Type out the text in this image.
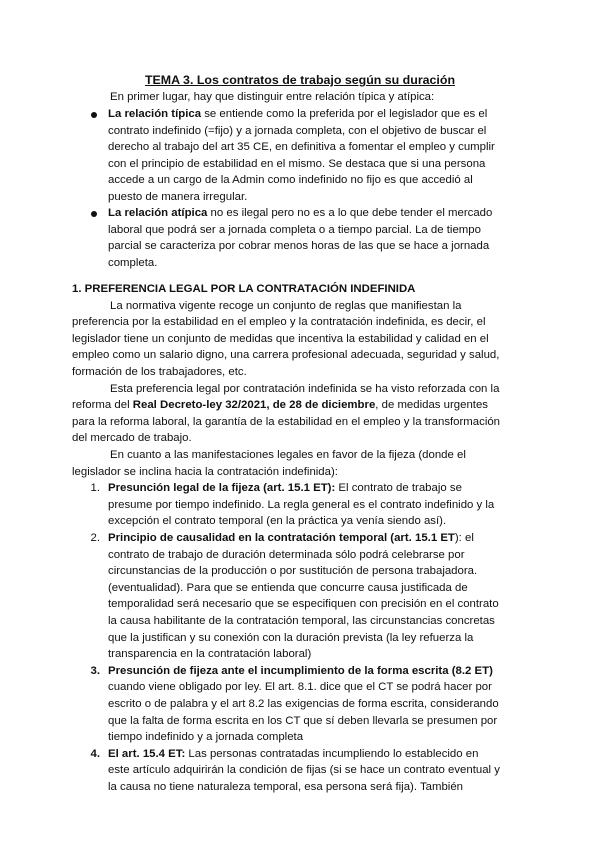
TEMA 3. Los contratos de trabajo según su duración
En primer lugar, hay que distinguir entre relación típica y atípica:
La relación típica se entiende como la preferida por el legislador que es el
contrato indefinido (=fijo) y a jornada completa, con el objetivo de buscar el
derecho al trabajo del art 35 CE, en definitiva a fomentar el empleo y cumplir
con el principio de estabilidad en el mismo. Se destaca que si una persona
accede a un cargo de la Admin como indefinido no fijo es que accedió al
puesto de manera irregular.
La relación atípica no es ilegal pero no es a lo que debe tender el mercado
laboral que podrá ser a jornada completa o a tiempo parcial. La de tiempo
parcial se caracteriza por cobrar menos horas de las que se hace a jornada
completa.
1. PREFERENCIA LEGAL POR LA CONTRATACIÓN INDEFINIDA
La normativa vigente recoge un conjunto de reglas que manifiestan la
preferencia por la estabilidad en el empleo y la contratación indefinida, es decir, el
legislador tiene un conjunto de medidas que incentiva la estabilidad y calidad en el
empleo como un salario digno, una carrera profesional adecuada, seguridad y salud,
formación de los trabajadores, etc.
Esta preferencia legal por contratación indefinida se ha visto reforzada con la
reforma del Real Decreto-ley 32/2021, de 28 de diciembre, de medidas urgentes
para la reforma laboral, la garantía de la estabilidad en el empleo y la transformación
del mercado de trabajo.
En cuanto a las manifestaciones legales en favor de la fijeza (donde el
legislador se inclina hacia la contratación indefinida):
1. Presunción legal de la fijeza (art. 15.1 ET): El contrato de trabajo se
presume por tiempo indefinido. La regla general es el contrato indefinido y la
excepción el contrato temporal (en la práctica ya venía siendo así).
2. Principio de causalidad en la contratación temporal (art. 15.1 ET): el
contrato de trabajo de duración determinada sólo podrá celebrarse por
circunstancias de la producción o por sustitución de persona trabajadora.
(eventualidad). Para que se entienda que concurre causa justificada de
temporalidad será necesario que se especifiquen con precisión en el contrato
la causa habilitante de la contratación temporal, las circunstancias concretas
que la justifican y su conexión con la duración prevista (la ley refuerza la
transparencia en la contratación laboral)
3. Presunción de fijeza ante el incumplimiento de la forma escrita (8.2 ET)
cuando viene obligado por ley. El art. 8.1. dice que el CT se podrá hacer por
escrito o de palabra y el art 8.2 las exigencias de forma escrita, considerando
que la falta de forma escrita en los CT que sí deben llevarla se presumen por
tiempo indefinido y a jornada completa
4. El art. 15.4 ET: Las personas contratadas incumpliendo lo establecido en
este artículo adquirirán la condición de fijas (si se hace un contrato eventual y
la causa no tiene naturaleza temporal, esa persona será fija). También
